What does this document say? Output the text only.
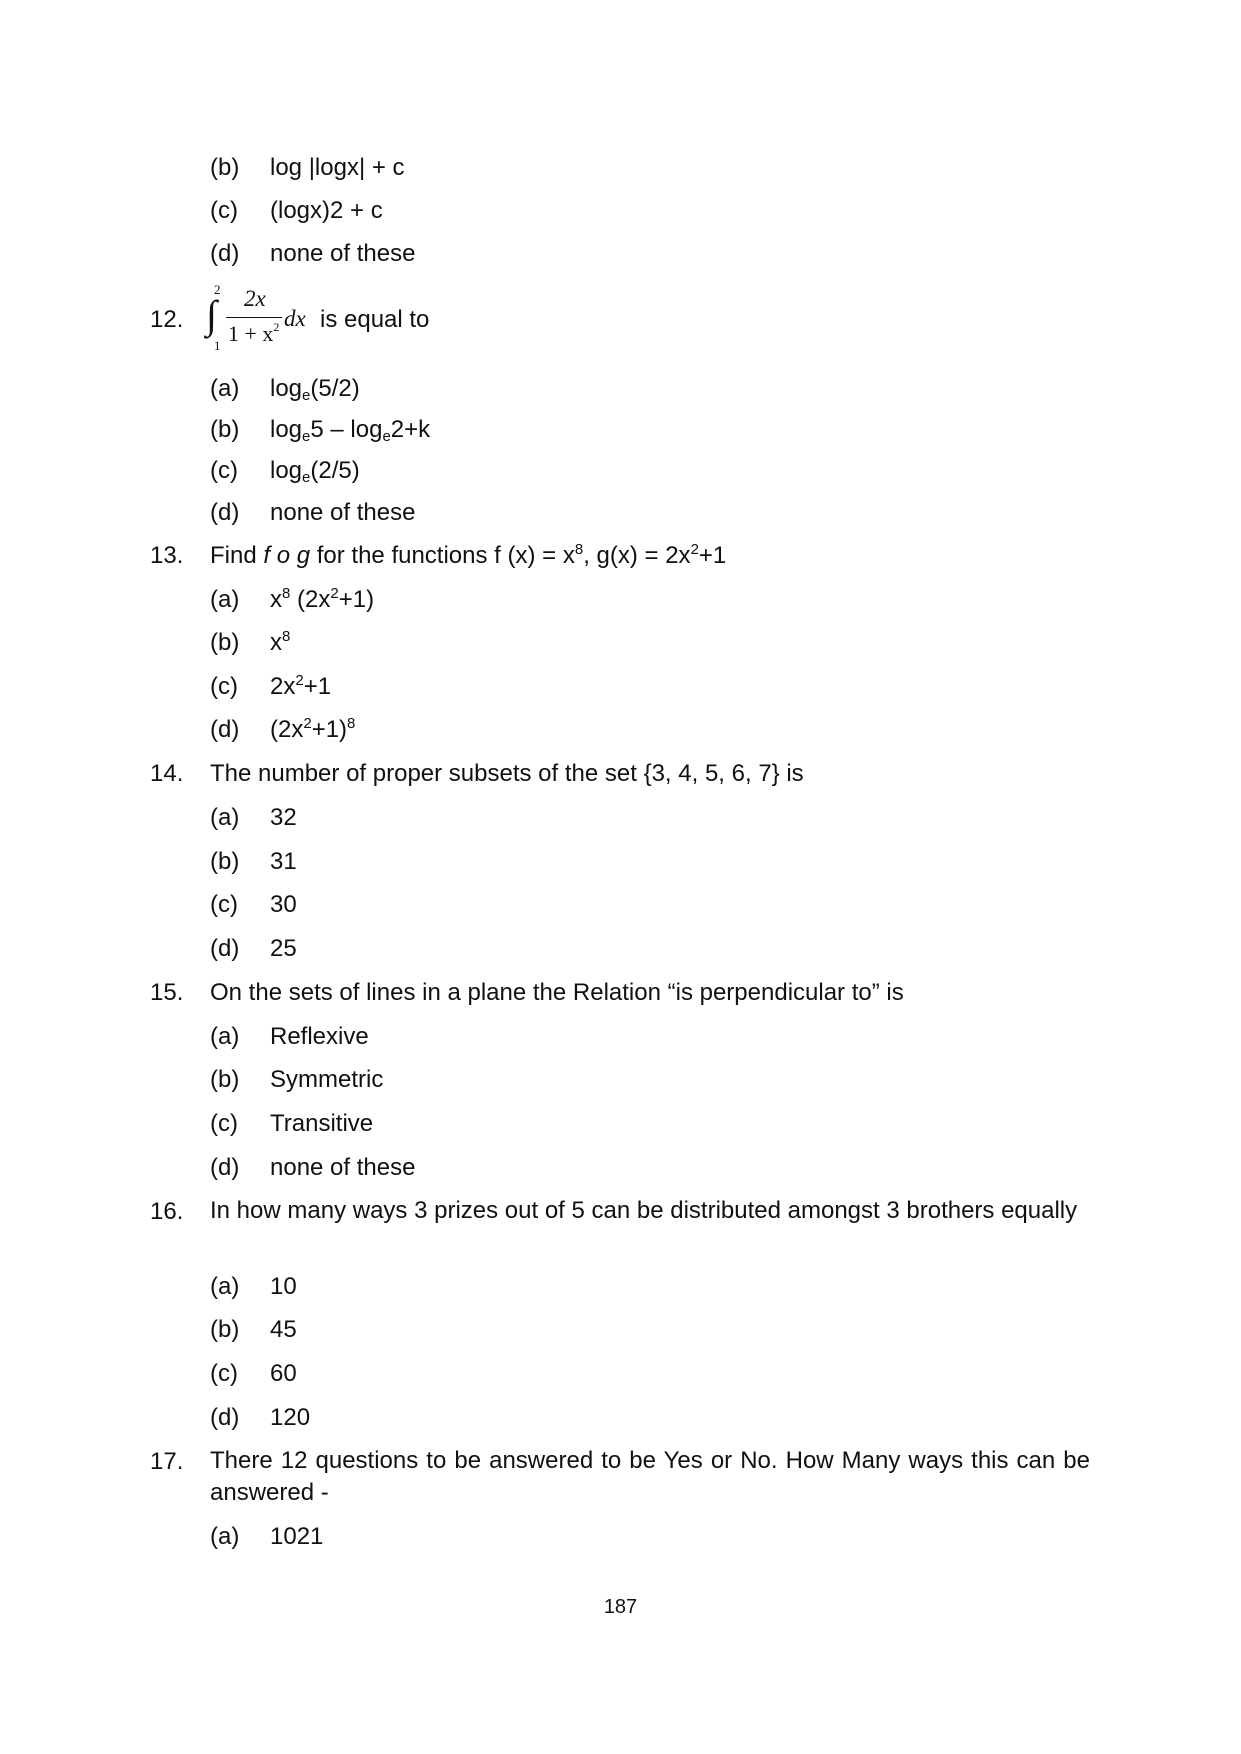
(b) log |logx| + c
(c) (logx)2 + c
(d) none of these
12.
2
∫
1
2x
$1 + x^2$ dx is equal to
(a) $\log_e(5/2)$
(b) $\log_e5 - \log_e2+k$
(c) $\log_e(2/5)$
(d) none of these
13. Find f o g for the functions f $(x) = x^8$, $g(x) = 2x^2+1$
(a) $x^8$ $(2x^2+1)$
(b) $x^8$
(c) $2x^2+1$
(d) $(2x^2+1)^8$
14. The number of proper subsets of the set {3, 4, 5, 6, 7} is
(a) 32
(b) 31
(c) 30
(d) 25
15. On the sets of lines in a plane the Relation “is perpendicular to” is
(a) Reflexive
(b) Symmetric
(c) Transitive
(d) none of these
16. In how many ways 3 prizes out of 5 can be distributed amongst 3 brothers equally
(a) 10
(b) 45
(c) 60
(d) 120
17. There 12 questions to be answered to be Yes or No. How Many ways this can be answered -
(a) 1021
187
